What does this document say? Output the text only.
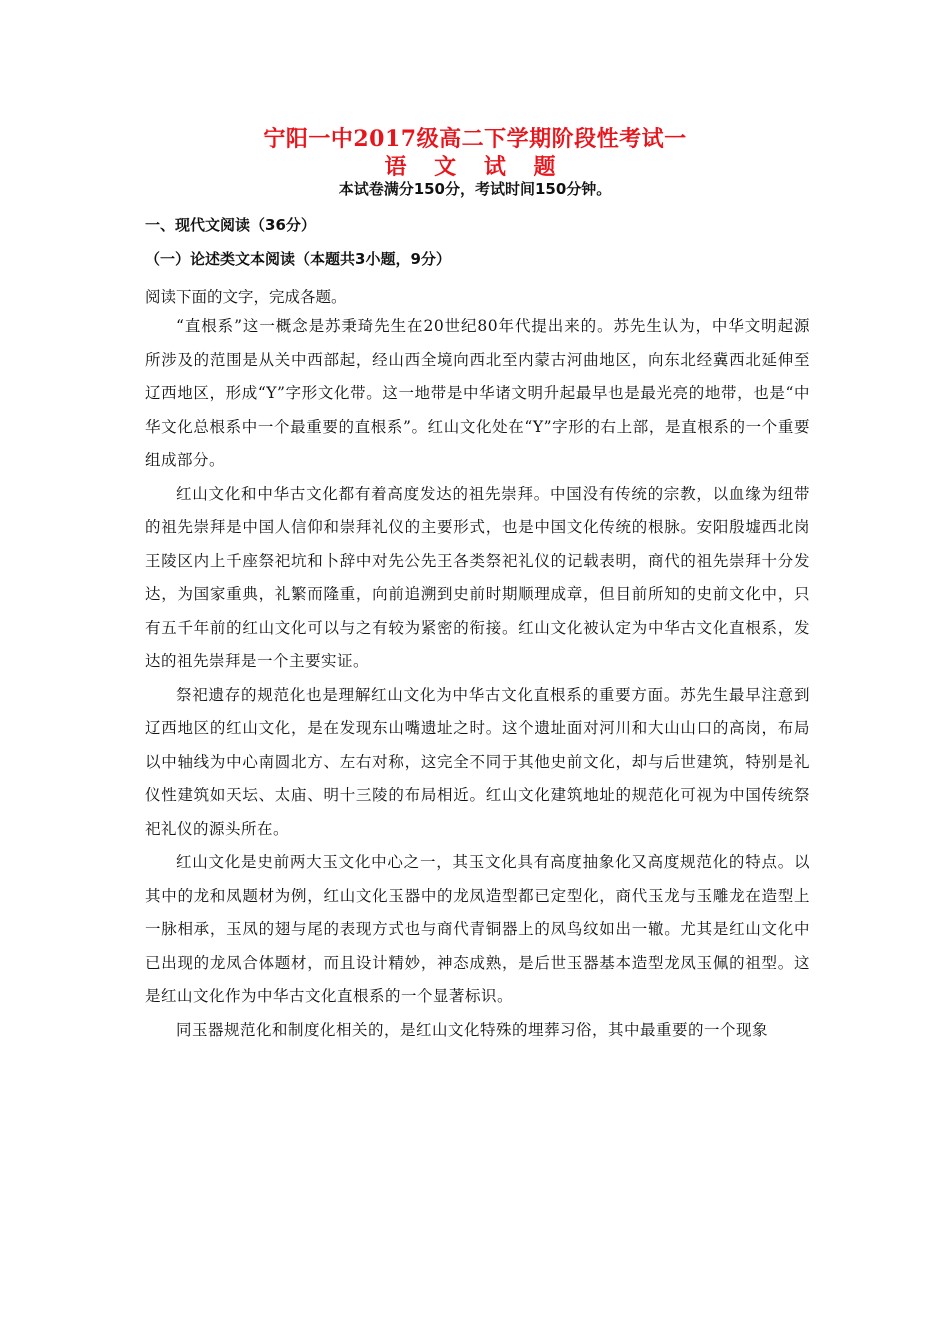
宁阳一中2017级高二下学期阶段性考试一
语 文 试 题
本试卷满分150分，考试时间150分钟。
一、现代文阅读（36分）
（一）论述类文本阅读（本题共3小题，9分）
阅读下面的文字，完成各题。

“直根系”这一概念是苏秉琦先生在20世纪80年代提出来的。苏先生认为，中华文明起源所涉及的范围是从关中西部起，经山西全境向西北至内蒙古河曲地区，向东北经冀西北延伸至辽西地区，形成“Y”字形文化带。这一地带是中华诸文明升起最早也是最光亮的地带，也是“中华文化总根系中一个最重要的直根系”。红山文化处在“Y”字形的右上部，是直根系的一个重要组成部分。

红山文化和中华古文化都有着高度发达的祖先崇拜。中国没有传统的宗教，以血缘为纽带的祖先崇拜是中国人信仰和崇拜礼仪的主要形式，也是中国文化传统的根脉。安阳殷墟西北岗王陵区内上千座祭祀坑和卜辞中对先公先王各类祭祀礼仪的记载表明，商代的祖先崇拜十分发达，为国家重典，礼繁而隆重，向前追溯到史前时期顺理成章，但目前所知的史前文化中，只有五千年前的红山文化可以与之有较为紧密的衔接。红山文化被认定为中华古文化直根系，发达的祖先崇拜是一个主要实证。

祭祀遗存的规范化也是理解红山文化为中华古文化直根系的重要方面。苏先生最早注意到辽西地区的红山文化，是在发现东山嘴遗址之时。这个遗址面对河川和大山山口的高岗，布局以中轴线为中心南圆北方、左右对称，这完全不同于其他史前文化，却与后世建筑，特别是礼仪性建筑如天坛、太庙、明十三陵的布局相近。红山文化建筑地址的规范化可视为中国传统祭祀礼仪的源头所在。

红山文化是史前两大玉文化中心之一，其玉文化具有高度抽象化又高度规范化的特点。以其中的龙和凤题材为例，红山文化玉器中的龙凤造型都已定型化，商代玉龙与玉雕龙在造型上一脉相承，玉凤的翅与尾的表现方式也与商代青铜器上的凤鸟纹如出一辙。尤其是红山文化中已出现的龙凤合体题材，而且设计精妙，神态成熟，是后世玉器基本造型龙凤玉佩的祖型。这是红山文化作为中华古文化直根系的一个显著标识。

同玉器规范化和制度化相关的，是红山文化特殊的埋葬习俗，其中最重要的一个现象
